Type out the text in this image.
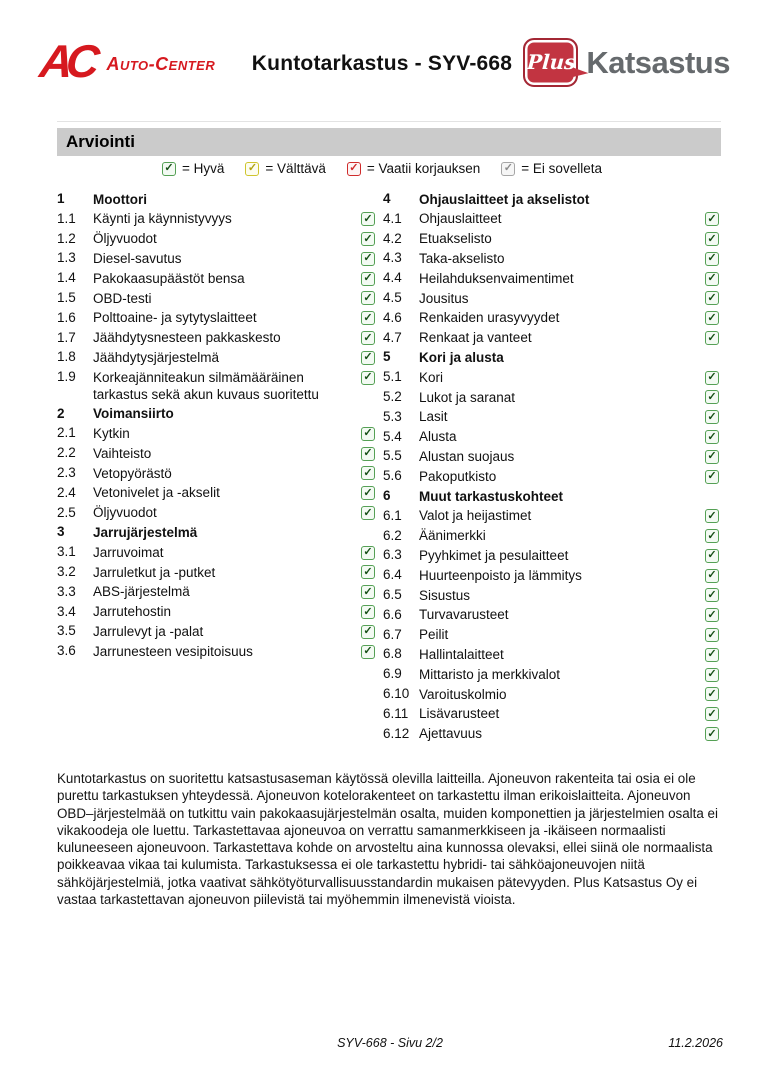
AC Auto-Center	Kuntotarkastus - SYV-668 Plus Katsastus
Arviointi
✓ = Hyvä ✓ = Välttävä ✓ = Vaatii korjauksen ✓ = Ei sovelleta
1	Moottori
1.1	Käynti ja käynnistyvyys	✓
1.2	Öljyvuodot	✓
1.3	Diesel-savutus	✓
1.4	Pakokaasupäästöt bensa	✓
1.5	OBD-testi	✓
1.6	Polttoaine- ja sytytyslaitteet	✓
1.7	Jäähdytysnesteen pakkaskesto	✓
1.8	Jäähdytysjärjestelmä	✓
1.9	Korkeajänniteakun silmämääräinen tarkastus sekä akun kuvaus suoritettu
✓
2	Voimansiirto
2.1	Kytkin	✓
2.2	Vaihteisto	✓
2.3	Vetopyörästö	✓
2.4	Vetonivelet ja -akselit	✓
2.5	Öljyvuodot	✓
3	Jarrujärjestelmä
3.1	Jarruvoimat	✓
3.2	Jarruletkut ja -putket	✓
3.3	ABS-järjestelmä	✓
3.4	Jarrutehostin	✓
3.5	Jarrulevyt ja -palat	✓
3.6	Jarrunesteen vesipitoisuus	✓
4	Ohjauslaitteet ja akselistot
4.1	Ohjauslaitteet	✓
4.2	Etuakselisto	✓
4.3	Taka-akselisto	✓
4.4	Heilahduksenvaimentimet	✓
4.5	Jousitus	✓
4.6	Renkaiden urasyvyydet	✓
4.7	Renkaat ja vanteet	✓
5	Kori ja alusta
5.1	Kori	✓
5.2	Lukot ja saranat	✓
5.3	Lasit	✓
5.4	Alusta	✓
5.5	Alustan suojaus	✓
5.6	Pakoputkisto	✓
6	Muut tarkastuskohteet
6.1	Valot ja heijastimet	✓
6.2	Äänimerkki	✓
6.3	Pyyhkimet ja pesulaitteet	✓
6.4	Huurteenpoisto ja lämmitys	✓
6.5	Sisustus	✓
6.6	Turvavarusteet	✓
6.7	Peilit	✓
6.8	Hallintalaitteet	✓
6.9	Mittaristo ja merkkivalot	✓
6.10 Varoituskolmio	✓
6.11 Lisävarusteet	✓
6.12 Ajettavuus	✓
Kuntotarkastus on suoritettu katsastusaseman käytössä olevilla laitteilla. Ajoneuvon rakenteita tai osia ei ole purettu tarkastuksen yhteydessä. Ajoneuvon kotelorakenteet on tarkastettu ilman erikoislaitteita. Ajoneuvon OBD–järjestelmää on tutkittu vain pakokaasujärjestelmän osalta, muiden komponettien ja järjestelmien osalta ei vikakoodeja ole luettu. Tarkastettavaa ajoneuvoa on verrattu samanmerkkiseen ja -ikäiseen normaalisti kuluneeseen ajoneuvoon. Tarkastettava kohde on arvosteltu aina kunnossa olevaksi, ellei siinä ole normaalista poikkeavaa vikaa tai kulumista. Tarkastuksessa ei ole tarkastettu hybridi- tai sähköajoneuvojen niitä sähköjärjestelmiä, jotka vaativat sähkötyöturvallisuusstandardin mukaisen pätevyyden. Plus Katsastus Oy ei vastaa tarkastettavan ajoneuvon piilevistä tai myöhemmin ilmenevistä vioista.
SYV-668 - Sivu 2/2	11.2.2026
